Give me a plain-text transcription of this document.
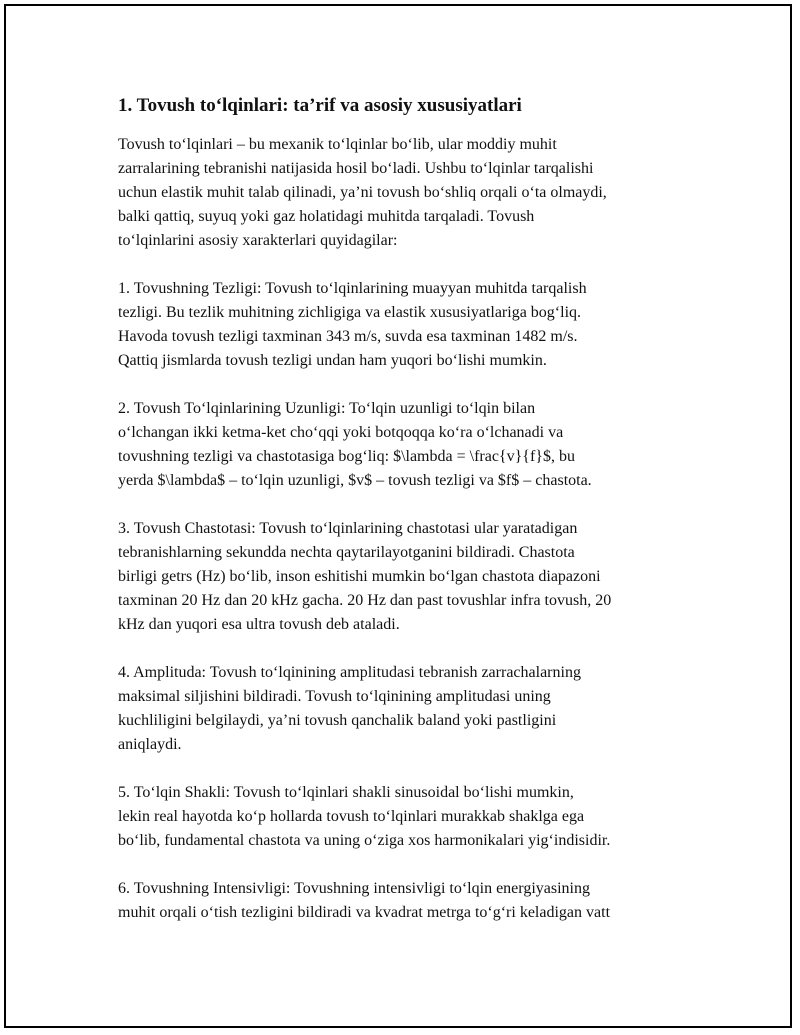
1. Tovush to‘lqinlari: ta’rif va asosiy xususiyatlari

Tovush to‘lqinlari – bu mexanik to‘lqinlar bo‘lib, ular moddiy muhit
zarralarining tebranishi natijasida hosil bo‘ladi. Ushbu to‘lqinlar tarqalishi
uchun elastik muhit talab qilinadi, ya’ni tovush bo‘shliq orqali o‘ta olmaydi,
balki qattiq, suyuq yoki gaz holatidagi muhitda tarqaladi. Tovush
to‘lqinlarini asosiy xarakterlari quyidagilar:

1. Tovushning Tezligi: Tovush to‘lqinlarining muayyan muhitda tarqalish
tezligi. Bu tezlik muhitning zichligiga va elastik xususiyatlariga bog‘liq.
Havoda tovush tezligi taxminan 343 m/s, suvda esa taxminan 1482 m/s.
Qattiq jismlarda tovush tezligi undan ham yuqori bo‘lishi mumkin.

2. Tovush To‘lqinlarining Uzunligi: To‘lqin uzunligi to‘lqin bilan
o‘lchangan ikki ketma-ket cho‘qqi yoki botqoqqa ko‘ra o‘lchanadi va
tovushning tezligi va chastotasiga bog‘liq: $\lambda = \frac{v}{f}$, bu
yerda $\lambda$ – to‘lqin uzunligi, $v$ – tovush tezligi va $f$ – chastota.

3. Tovush Chastotasi: Tovush to‘lqinlarining chastotasi ular yaratadigan
tebranishlarning sekundda nechta qaytarilayotganini bildiradi. Chastota
birligi getrs (Hz) bo‘lib, inson eshitishi mumkin bo‘lgan chastota diapazoni
taxminan 20 Hz dan 20 kHz gacha. 20 Hz dan past tovushlar infra tovush, 20
kHz dan yuqori esa ultra tovush deb ataladi.

4. Amplituda: Tovush to‘lqinining amplitudasi tebranish zarrachalarning
maksimal siljishini bildiradi. Tovush to‘lqinining amplitudasi uning
kuchliligini belgilaydi, ya’ni tovush qanchalik baland yoki pastligini
aniqlaydi.

5. To‘lqin Shakli: Tovush to‘lqinlari shakli sinusoidal bo‘lishi mumkin,
lekin real hayotda ko‘p hollarda tovush to‘lqinlari murakkab shaklga ega
bo‘lib, fundamental chastota va uning o‘ziga xos harmonikalari yig‘indisidir.

6. Tovushning Intensivligi: Tovushning intensivligi to‘lqin energiyasining
muhit orqali o‘tish tezligini bildiradi va kvadrat metrga to‘g‘ri keladigan vatt
